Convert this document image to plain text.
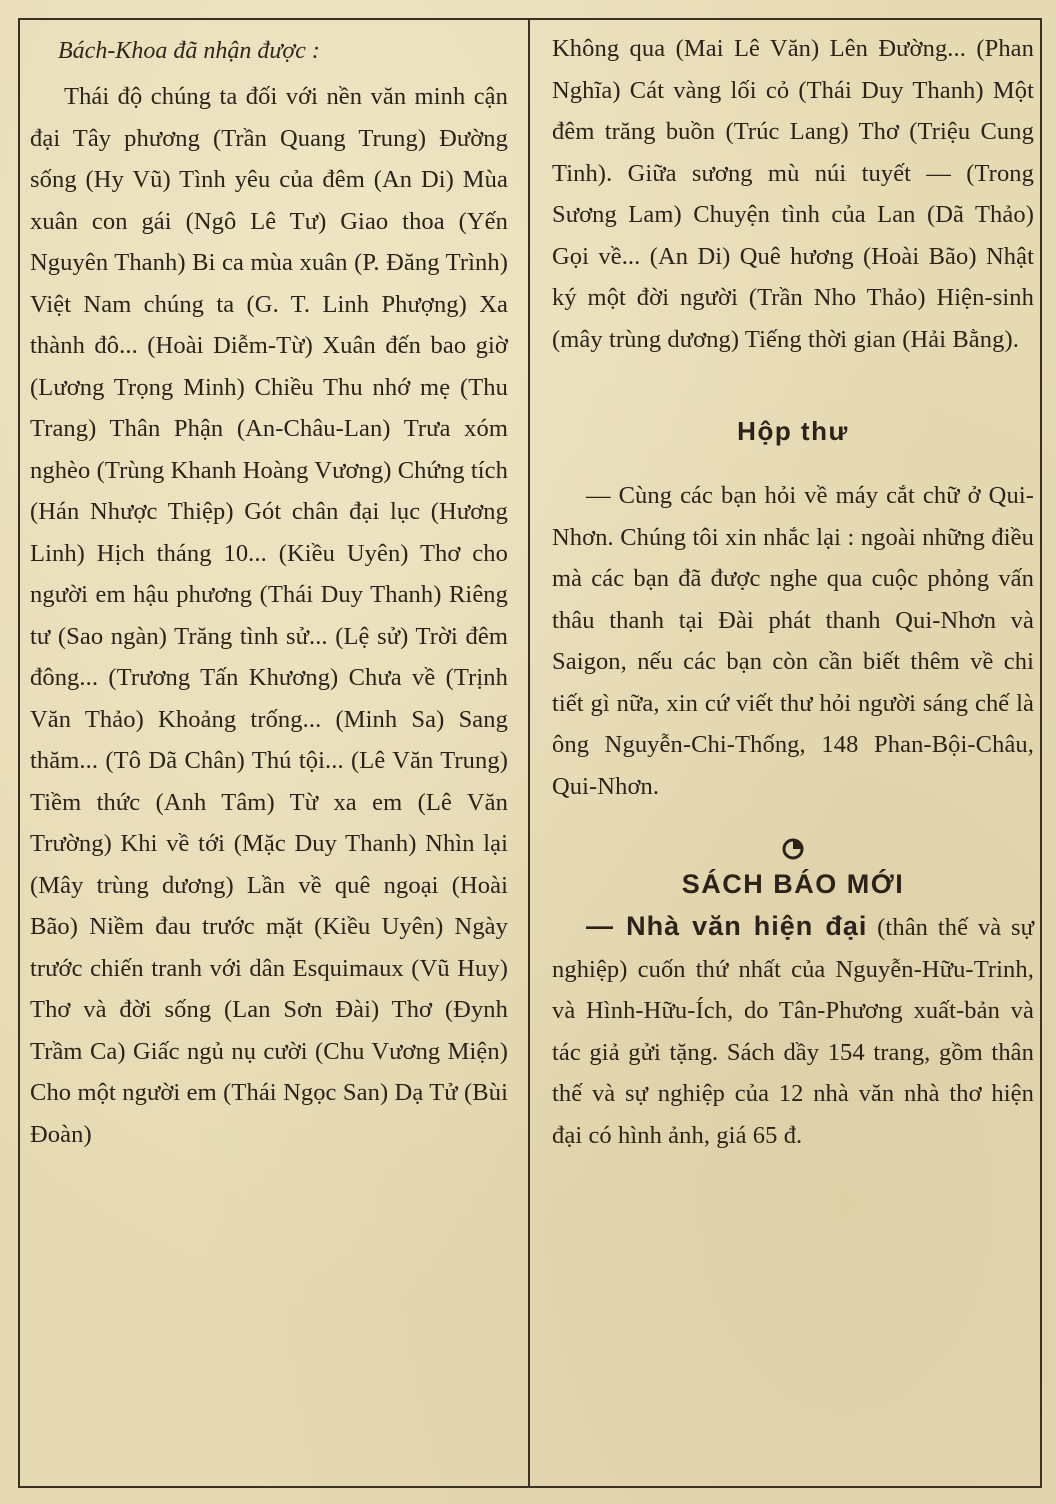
Bách-Khoa đã nhận được :

Thái độ chúng ta đối với nền văn minh cận đại Tây phương (Trần Quang Trung) Đường sống (Hy Vũ) Tình yêu của đêm (An Di) Mùa xuân con gái (Ngô Lê Tư) Giao thoa (Yến Nguyên Thanh) Bi ca mùa xuân (P. Đăng Trình) Việt Nam chúng ta (G. T. Linh Phượng) Xa thành đô... (Hoài Diễm-Từ) Xuân đến bao giờ (Lương Trọng Minh) Chiều Thu nhớ mẹ (Thu Trang) Thân Phận (An-Châu-Lan) Trưa xóm nghèo (Trùng Khanh Hoàng Vương) Chứng tích (Hán Nhược Thiệp) Gót chân đại lục (Hương Linh) Hịch tháng 10... (Kiều Uyên) Thơ cho người em hậu phương (Thái Duy Thanh) Riêng tư (Sao ngàn) Trăng tình sử... (Lệ sử) Trời đêm đông... (Trương Tấn Khương) Chưa về (Trịnh Văn Thảo) Khoảng trống... (Minh Sa) Sang thăm... (Tô Dã Chân) Thú tội... (Lê Văn Trung) Tiềm thức (Anh Tâm) Từ xa em (Lê Văn Trường) Khi về tới (Mặc Duy Thanh) Nhìn lại (Mây trùng dương) Lần về quê ngoại (Hoài Bão) Niềm đau trước mặt (Kiều Uyên) Ngày trước chiến tranh với dân Esquimaux (Vũ Huy) Thơ và đời sống (Lan Sơn Đài) Thơ (Đynh Trầm Ca) Giấc ngủ nụ cười (Chu Vương Miện) Cho một người em (Thái Ngọc San) Dạ Tử (Bùi Đoàn)

Không qua (Mai Lê Văn) Lên Đường... (Phan Nghĩa) Cát vàng lối cỏ (Thái Duy Thanh) Một đêm trăng buồn (Trúc Lang) Thơ (Triệu Cung Tinh). Giữa sương mù núi tuyết — (Trong Sương Lam) Chuyện tình của Lan (Dã Thảo) Gọi về... (An Di) Quê hương (Hoài Bão) Nhật ký một đời người (Trần Nho Thảo) Hiện-sinh (mây trùng dương) Tiếng thời gian (Hải Bằng).

Hộp thư

— Cùng các bạn hỏi về máy cắt chữ ở Qui-Nhơn. Chúng tôi xin nhắc lại : ngoài những điều mà các bạn đã được nghe qua cuộc phỏng vấn thâu thanh tại Đài phát thanh Qui-Nhơn và Saigon, nếu các bạn còn cần biết thêm về chi tiết gì nữa, xin cứ viết thư hỏi người sáng chế là ông Nguyễn-Chi-Thống, 148 Phan-Bội-Châu, Qui-Nhơn.

SÁCH BÁO MỚI

— Nhà văn hiện đại (thân thế và sự nghiệp) cuốn thứ nhất của Nguyễn-Hữu-Trinh, và Hình-Hữu-Ích, do Tân-Phương xuất-bản và tác giả gửi tặng. Sách dầy 154 trang, gồm thân thế và sự nghiệp của 12 nhà văn nhà thơ hiện đại có hình ảnh, giá 65 đ.
